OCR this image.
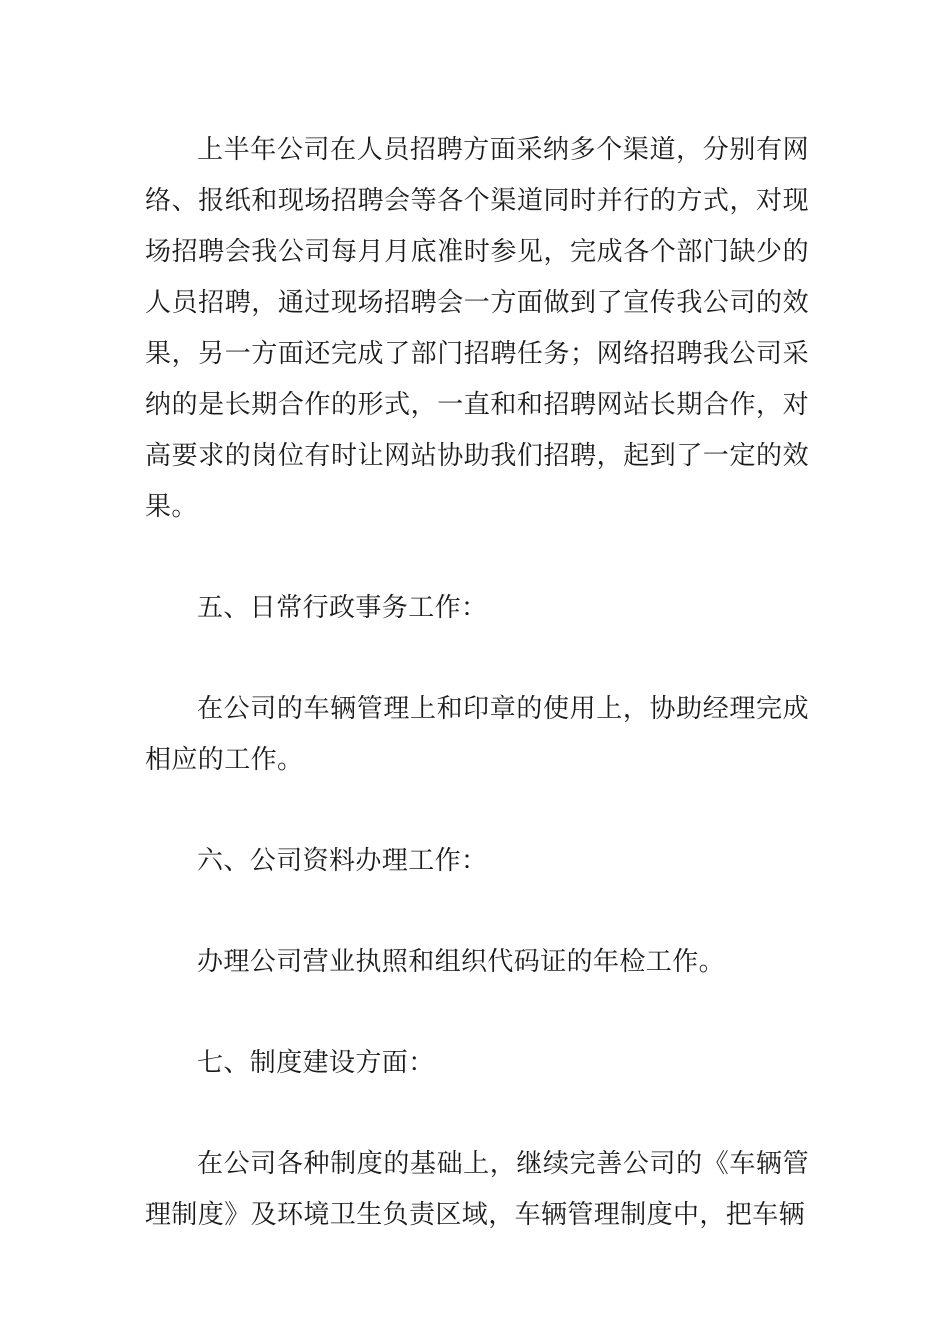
上半年公司在人员招聘方面采纳多个渠道，分别有网络、报纸和现场招聘会等各个渠道同时并行的方式，对现场招聘会我公司每月月底准时参见，完成各个部门缺少的人员招聘，通过现场招聘会一方面做到了宣传我公司的效果，另一方面还完成了部门招聘任务；网络招聘我公司采纳的是长期合作的形式，一直和和招聘网站长期合作，对高要求的岗位有时让网站协助我们招聘，起到了一定的效果。

五、日常行政事务工作：

在公司的车辆管理上和印章的使用上，协助经理完成相应的工作。

六、公司资料办理工作：

办理公司营业执照和组织代码证的年检工作。

七、制度建设方面：

在公司各种制度的基础上，继续完善公司的《车辆管理制度》及环境卫生负责区域，车辆管理制度中，把车辆
